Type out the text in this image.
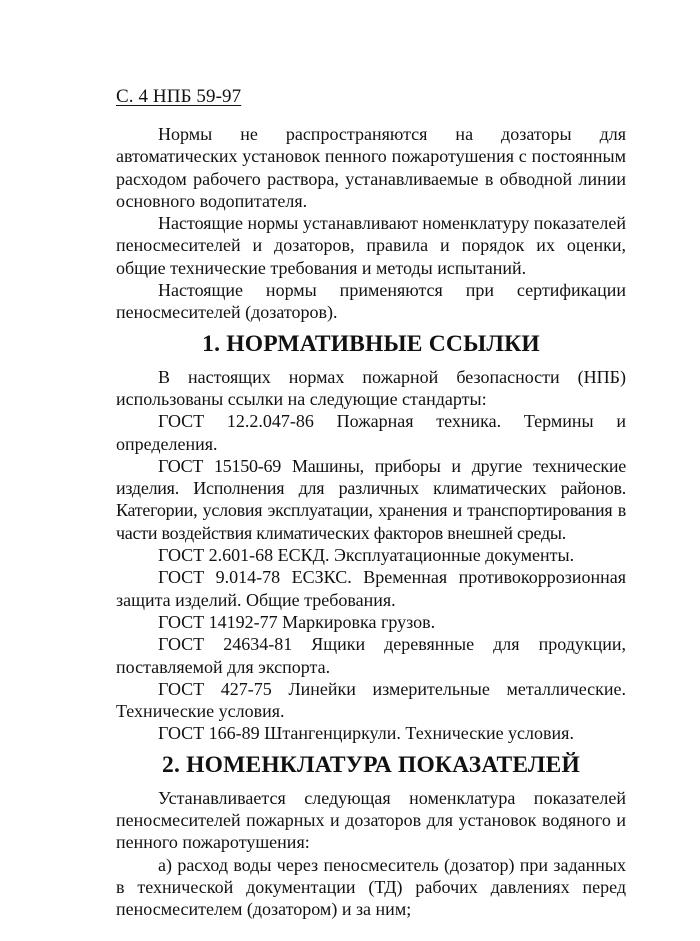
С. 4 НПБ 59-97

Нормы не распространяются на дозаторы для автоматических установок пенного пожаротушения с постоянным расходом рабочего раствора, устанавливаемые в обводной линии основного водопитателя.

Настоящие нормы устанавливают номенклатуру показателей пеносмесителей и дозаторов, правила и порядок их оценки, общие технические требования и методы испытаний.

Настоящие нормы применяются при сертификации пеносмесителей (дозаторов).

1. НОРМАТИВНЫЕ ССЫЛКИ

В настоящих нормах пожарной безопасности (НПБ) использованы ссылки на следующие стандарты:

ГОСТ 12.2.047-86 Пожарная техника. Термины и определения.

ГОСТ 15150-69 Машины, приборы и другие технические изделия. Исполнения для различных климатических районов. Категории, условия эксплуатации, хранения и транспортирования в части воздействия климатических факторов внешней среды.

ГОСТ 2.601-68 ЕСКД. Эксплуатационные документы.

ГОСТ 9.014-78 ЕСЗКС. Временная противокоррозионная защита изделий. Общие требования.

ГОСТ 14192-77 Маркировка грузов.

ГОСТ 24634-81 Ящики деревянные для продукции, поставляемой для экспорта.

ГОСТ 427-75 Линейки измерительные металлические. Технические условия.

ГОСТ 166-89 Штангенциркули. Технические условия.

2. НОМЕНКЛАТУРА ПОКАЗАТЕЛЕЙ

Устанавливается следующая номенклатура показателей пеносмесителей пожарных и дозаторов для установок водяного и пенного пожаротушения:

а) расход воды через пеносмеситель (дозатор) при заданных в технической документации (ТД) рабочих давлениях перед пеносмесителем (дозатором) и за ним;
